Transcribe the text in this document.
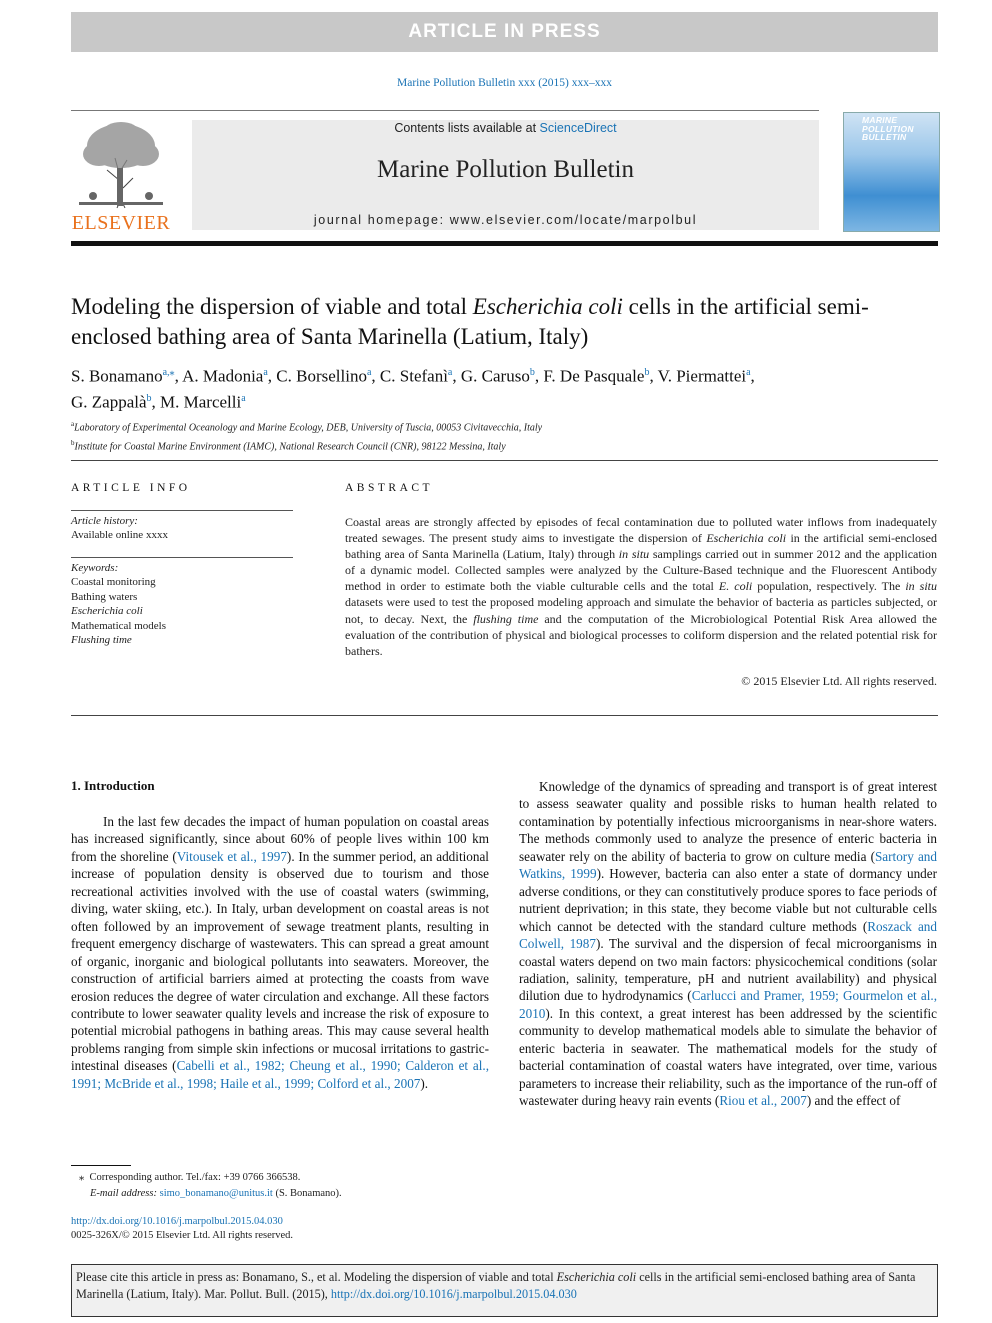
ARTICLE IN PRESS
Marine Pollution Bulletin xxx (2015) xxx–xxx
ELSEVIER
Contents lists available at ScienceDirect
Marine Pollution Bulletin
journal homepage: www.elsevier.com/locate/marpolbul
MARINE
POLLUTION
BULLETIN
Modeling the dispersion of viable and total Escherichia coli cells in the artificial semi-enclosed bathing area of Santa Marinella (Latium, Italy)
S. Bonamano$^{a,⁎}$, A. Madonia$^a$, C. Borsellino$^a$, C. Stefanì$^a$, G. Caruso$^b$, F. De Pasquale$^b$, V. Piermattei$^a$,
G. Zappalà$^b$, M. Marcelli$^a$
$^a$Laboratory of Experimental Oceanology and Marine Ecology, DEB, University of Tuscia, 00053 Civitavecchia, Italy
$^b$Institute for Coastal Marine Environment (IAMC), National Research Council (CNR), 98122 Messina, Italy
ARTICLE INFO
Article history:
Available online xxxx
Keywords:
Coastal monitoring
Bathing waters
Escherichia coli
Mathematical models
Flushing time
ABSTRACT
Coastal areas are strongly affected by episodes of fecal contamination due to polluted water inflows from inadequately treated sewages. The present study aims to investigate the dispersion of Escherichia coli in the artificial semi-enclosed bathing area of Santa Marinella (Latium, Italy) through in situ samplings carried out in summer 2012 and the application of a dynamic model. Collected samples were analyzed by the Culture-Based technique and the Fluorescent Antibody method in order to estimate both the viable culturable cells and the total E. coli population, respectively. The in situ datasets were used to test the proposed modeling approach and simulate the behavior of bacteria as particles subjected, or not, to decay. Next, the flushing time and the computation of the Microbiological Potential Risk Area allowed the evaluation of the contribution of physical and biological processes to coliform dispersion and the related potential risk for bathers.
© 2015 Elsevier Ltd. All rights reserved.
1. Introduction
In the last few decades the impact of human population on coastal areas has increased significantly, since about 60% of people lives within 100 km from the shoreline (Vitousek et al., 1997). In the summer period, an additional increase of population density is observed due to tourism and those recreational activities involved with the use of coastal waters (swimming, diving, water skiing, etc.). In Italy, urban development on coastal areas is not often followed by an improvement of sewage treatment plants, resulting in frequent emergency discharge of wastewaters. This can spread a great amount of organic, inorganic and biological pollutants into seawaters. Moreover, the construction of artificial barriers aimed at protecting the coasts from wave erosion reduces the degree of water circulation and exchange. All these factors contribute to lower seawater quality levels and increase the risk of exposure to potential microbial pathogens in bathing areas. This may cause several health problems ranging from simple skin infections or mucosal irritations to gastric-intestinal diseases (Cabelli et al., 1982; Cheung et al., 1990; Calderon et al., 1991; McBride et al., 1998; Haile et al., 1999; Colford et al., 2007).
Knowledge of the dynamics of spreading and transport is of great interest to assess seawater quality and possible risks to human health related to contamination by potentially infectious microorganisms in near-shore waters. The methods commonly used to analyze the presence of enteric bacteria in seawater rely on the ability of bacteria to grow on culture media (Sartory and Watkins, 1999). However, bacteria can also enter a state of dormancy under adverse conditions, or they can constitutively produce spores to face periods of nutrient deprivation; in this state, they become viable but not culturable cells which cannot be detected with the standard culture methods (Roszack and Colwell, 1987). The survival and the dispersion of fecal microorganisms in coastal waters depend on two main factors: physicochemical conditions (solar radiation, salinity, temperature, pH and nutrient availability) and physical dilution due to hydrodynamics (Carlucci and Pramer, 1959; Gourmelon et al., 2010). In this context, a great interest has been addressed by the scientific community to develop mathematical models able to simulate the behavior of enteric bacteria in seawater. The mathematical models for the study of bacterial contamination of coastal waters have integrated, over time, various parameters to increase their reliability, such as the importance of the run-off of wastewater during heavy rain events (Riou et al., 2007) and the effect of
⁎ Corresponding author. Tel./fax: +39 0766 366538.
E-mail address: simo_bonamano@unitus.it (S. Bonamano).
http://dx.doi.org/10.1016/j.marpolbul.2015.04.030
0025-326X/© 2015 Elsevier Ltd. All rights reserved.
Please cite this article in press as: Bonamano, S., et al. Modeling the dispersion of viable and total Escherichia coli cells in the artificial semi-enclosed bathing area of Santa Marinella (Latium, Italy). Mar. Pollut. Bull. (2015), http://dx.doi.org/10.1016/j.marpolbul.2015.04.030
